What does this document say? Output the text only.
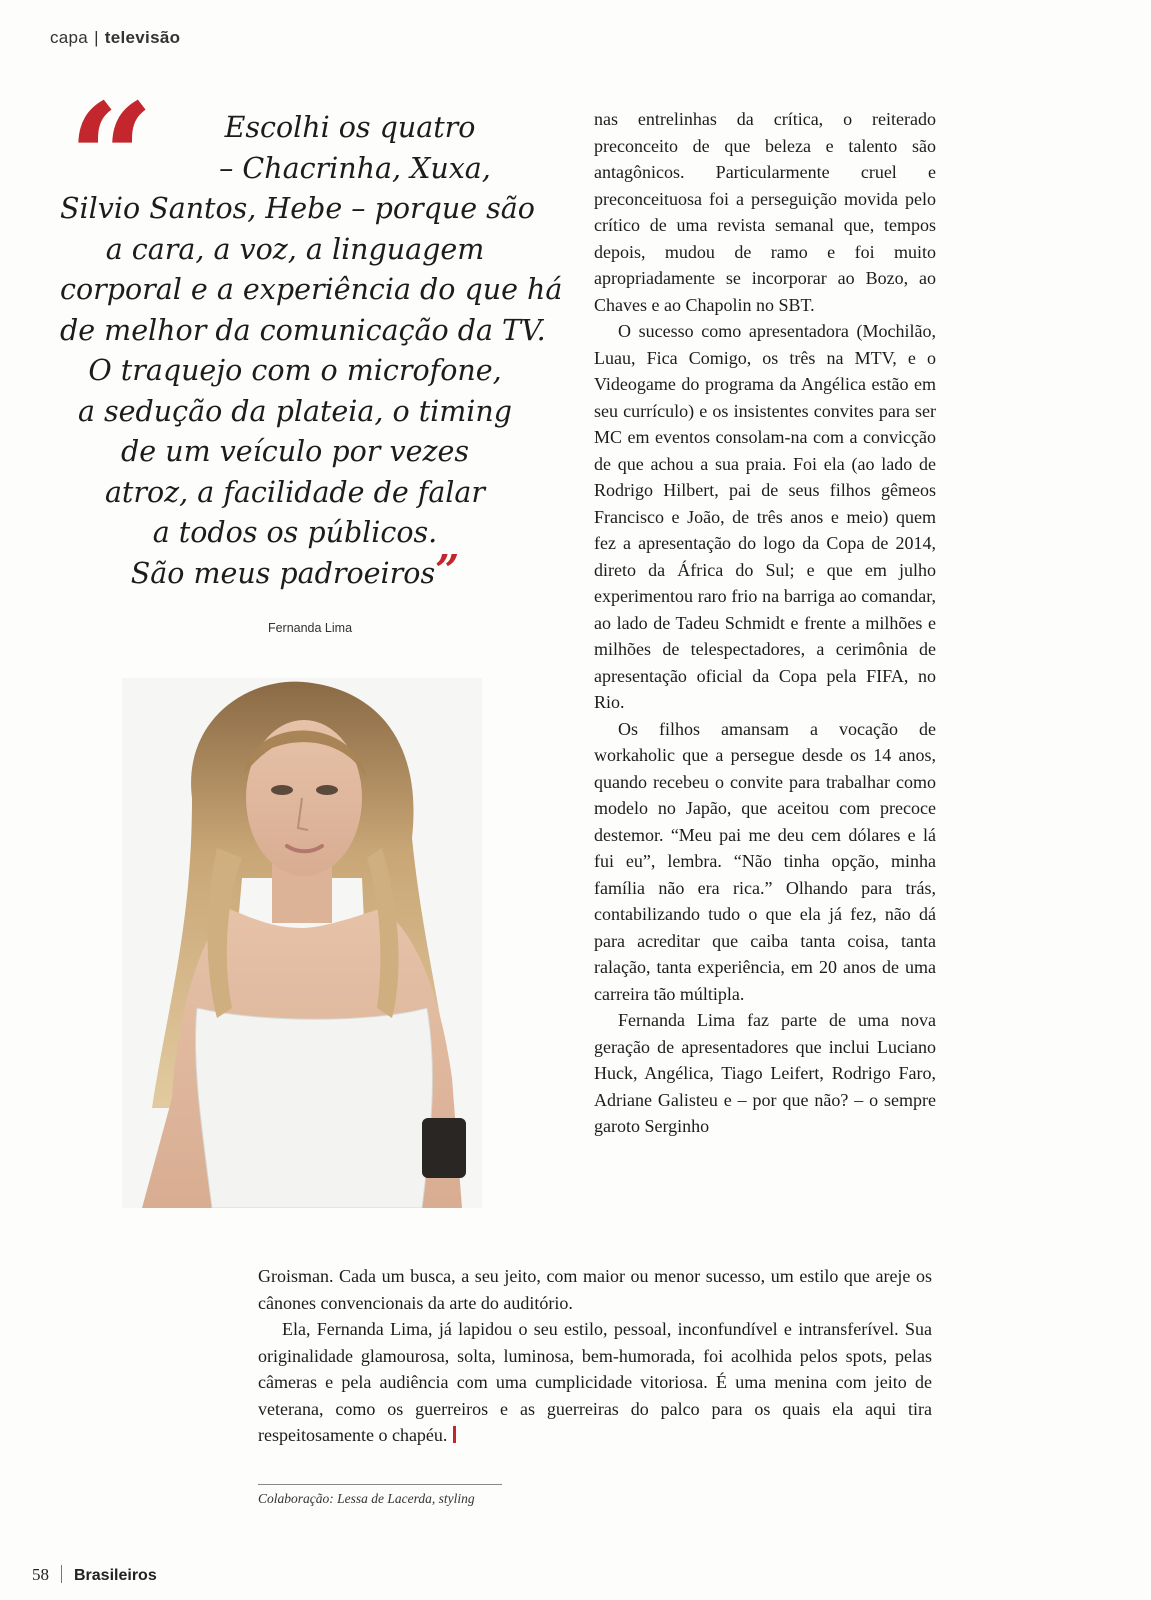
capa | televisão
“	Escolhi os quatro
– Chacrinha, Xuxa,
Silvio Santos, Hebe – porque são
a cara, a voz, a linguagem
corporal e a experiência do que há
de melhor da comunicação da TV.
O traquejo com o microfone,
a sedução da plateia, o timing
de um veículo por vezes
atroz, a facilidade de falar
a todos os públicos.
São meus padroeiros”
Fernanda Lima

nas entrelinhas da crítica, o reiterado preconceito de que beleza e talento são antagônicos. Particularmente cruel e preconceituosa foi a perseguição movida pelo crítico de uma revista semanal que, tempos depois, mudou de ramo e foi muito apropriadamente se incorporar ao Bozo, ao Chaves e ao Chapolin no SBT.

O sucesso como apresentadora (Mochilão, Luau, Fica Comigo, os três na MTV, e o Videogame do programa da Angélica estão em seu currículo) e os insistentes convites para ser MC em eventos consolam-na com a convicção de que achou a sua praia. Foi ela (ao lado de Rodrigo Hilbert, pai de seus filhos gêmeos Francisco e João, de três anos e meio) quem fez a apresentação do logo da Copa de 2014, direto da África do Sul; e que em julho experimentou raro frio na barriga ao comandar, ao lado de Tadeu Schmidt e frente a milhões e milhões de telespectadores, a cerimônia de apresentação oficial da Copa pela FIFA, no Rio.

Os filhos amansam a vocação de workaholic que a persegue desde os 14 anos, quando recebeu o convite para trabalhar como modelo no Japão, que aceitou com precoce destemor. “Meu pai me deu cem dólares e lá fui eu”, lembra. “Não tinha opção, minha família não era rica.” Olhando para trás, contabilizando tudo o que ela já fez, não dá para acreditar que caiba tanta coisa, tanta ralação, tanta experiência, em 20 anos de uma carreira tão múltipla.

Fernanda Lima faz parte de uma nova geração de apresentadores que inclui Luciano Huck, Angélica, Tiago Leifert, Rodrigo Faro, Adriane Galisteu e – por que não? – o sempre garoto Serginho

Groisman. Cada um busca, a seu jeito, com maior ou menor sucesso, um estilo que areje os cânones convencionais da arte do auditório.

Ela, Fernanda Lima, já lapidou o seu estilo, pessoal, inconfundível e intransferível. Sua originalidade glamourosa, solta, luminosa, bem-humorada, foi acolhida pelos spots, pelas câmeras e pela audiência com uma cumplicidade vitoriosa. É uma menina com jeito de veterana, como os guerreiros e as guerreiras do palco para os quais ela aqui tira respeitosamente o chapéu.

Colaboração: Lessa de Lacerda, styling
58 Brasileiros
